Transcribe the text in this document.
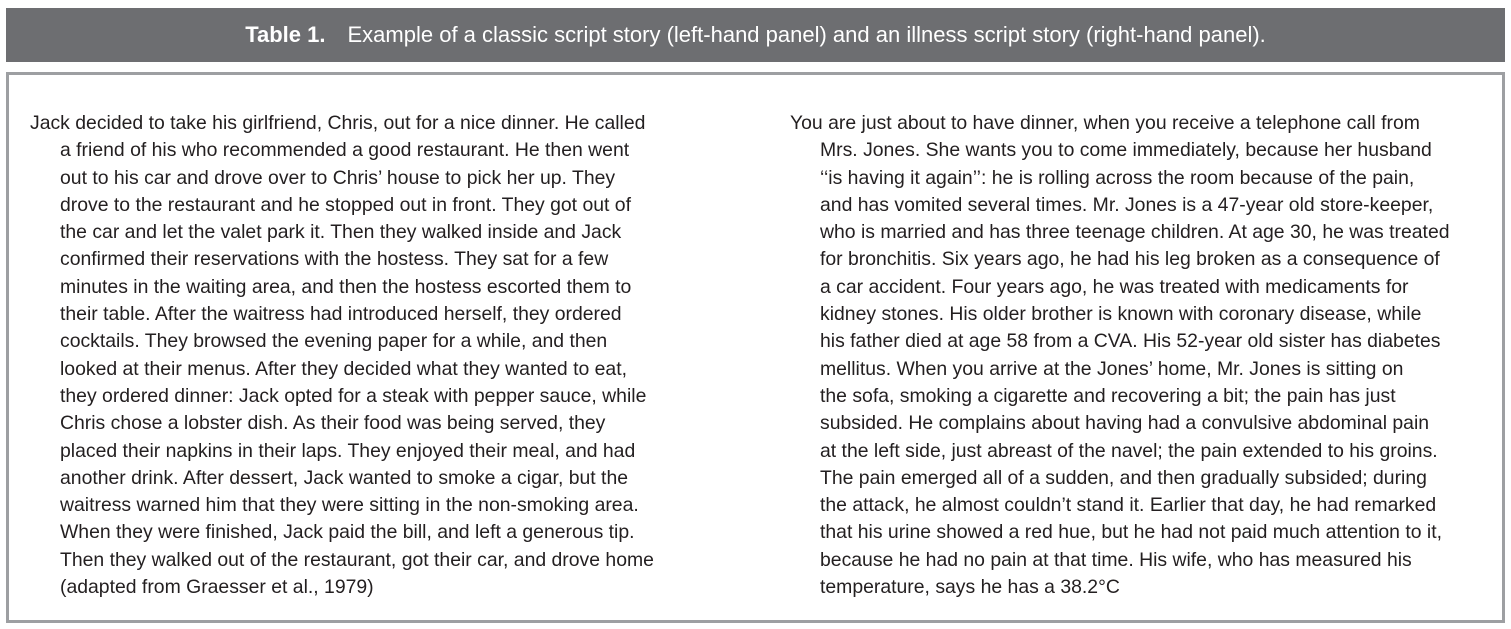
Table 1. Example of a classic script story (left-hand panel) and an illness script story (right-hand panel).
Jack decided to take his girlfriend, Chris, out for a nice dinner. He called
a friend of his who recommended a good restaurant. He then went
out to his car and drove over to Chris’ house to pick her up. They
drove to the restaurant and he stopped out in front. They got out of
the car and let the valet park it. Then they walked inside and Jack
confirmed their reservations with the hostess. They sat for a few
minutes in the waiting area, and then the hostess escorted them to
their table. After the waitress had introduced herself, they ordered
cocktails. They browsed the evening paper for a while, and then
looked at their menus. After they decided what they wanted to eat,
they ordered dinner: Jack opted for a steak with pepper sauce, while
Chris chose a lobster dish. As their food was being served, they
placed their napkins in their laps. They enjoyed their meal, and had
another drink. After dessert, Jack wanted to smoke a cigar, but the
waitress warned him that they were sitting in the non-smoking area.
When they were finished, Jack paid the bill, and left a generous tip.
Then they walked out of the restaurant, got their car, and drove home
(adapted from Graesser et al., 1979)
You are just about to have dinner, when you receive a telephone call from
Mrs. Jones. She wants you to come immediately, because her husband
‘‘is having it again’’: he is rolling across the room because of the pain,
and has vomited several times. Mr. Jones is a 47-year old store-keeper,
who is married and has three teenage children. At age 30, he was treated
for bronchitis. Six years ago, he had his leg broken as a consequence of
a car accident. Four years ago, he was treated with medicaments for
kidney stones. His older brother is known with coronary disease, while
his father died at age 58 from a CVA. His 52-year old sister has diabetes
mellitus. When you arrive at the Jones’ home, Mr. Jones is sitting on
the sofa, smoking a cigarette and recovering a bit; the pain has just
subsided. He complains about having had a convulsive abdominal pain
at the left side, just abreast of the navel; the pain extended to his groins.
The pain emerged all of a sudden, and then gradually subsided; during
the attack, he almost couldn’t stand it. Earlier that day, he had remarked
that his urine showed a red hue, but he had not paid much attention to it,
because he had no pain at that time. His wife, who has measured his
temperature, says he has a 38.2°C
